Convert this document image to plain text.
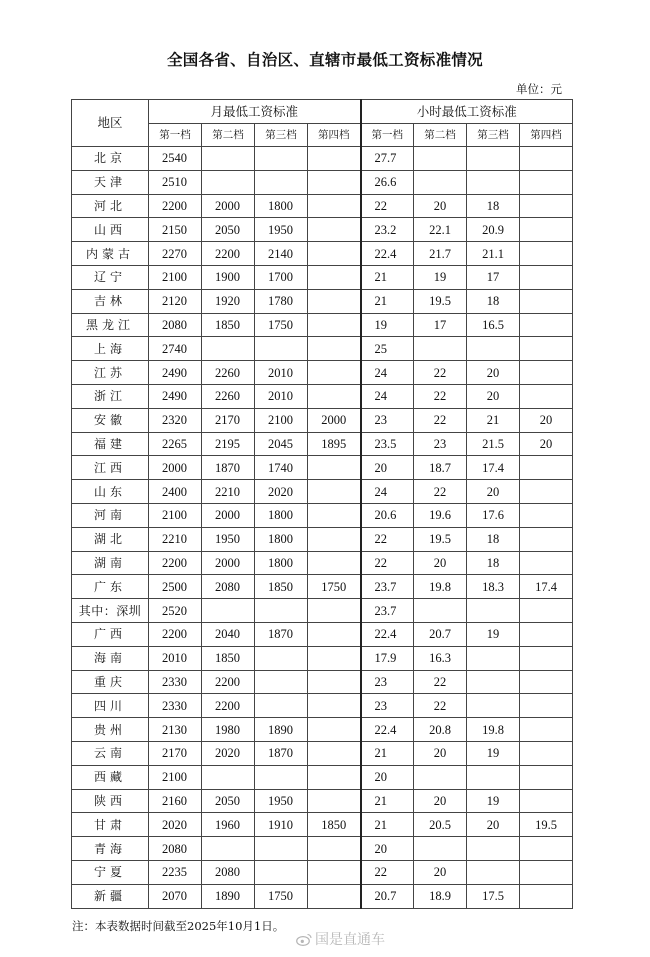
全国各省、自治区、直辖市最低工资标准情况
单位：元
地区	月最低工资标准				小时最低工资标准			
	第一档	第二档	第三档	第四档	第一档	第二档	第三档	第四档
北京	2540				27.7			
天津	2510				26.6			
河北	2200	2000	1800		22	20	18	
山西	2150	2050	1950		23.2	22.1	20.9	
内蒙古	2270	2200	2140		22.4	21.7	21.1	
辽宁	2100	1900	1700		21	19	17	
吉林	2120	1920	1780		21	19.5	18	
黑龙江	2080	1850	1750		19	17	16.5	
上海	2740				25			
江苏	2490	2260	2010		24	22	20	
浙江	2490	2260	2010		24	22	20	
安徽	2320	2170	2100	2000	23	22	21	20
福建	2265	2195	2045	1895	23.5	23	21.5	20
江西	2000	1870	1740		20	18.7	17.4	
山东	2400	2210	2020		24	22	20	
河南	2100	2000	1800		20.6	19.6	17.6	
湖北	2210	1950	1800		22	19.5	18	
湖南	2200	2000	1800		22	20	18	
广东	2500	2080	1850	1750	23.7	19.8	18.3	17.4
其中：深圳	2520				23.7			
广西	2200	2040	1870		22.4	20.7	19	
海南	2010	1850			17.9	16.3		
重庆	2330	2200			23	22		
四川	2330	2200			23	22		
贵州	2130	1980	1890		22.4	20.8	19.8	
云南	2170	2020	1870		21	20	19	
西藏	2100				20			
陕西	2160	2050	1950		21	20	19	
甘肃	2020	1960	1910	1850	21	20.5	20	19.5
青海	2080				20			
宁夏	2235	2080			22	20		
新疆	2070	1890	1750		20.7	18.9	17.5	
注：本表数据时间截至2025年10月1日。
国是直通车
